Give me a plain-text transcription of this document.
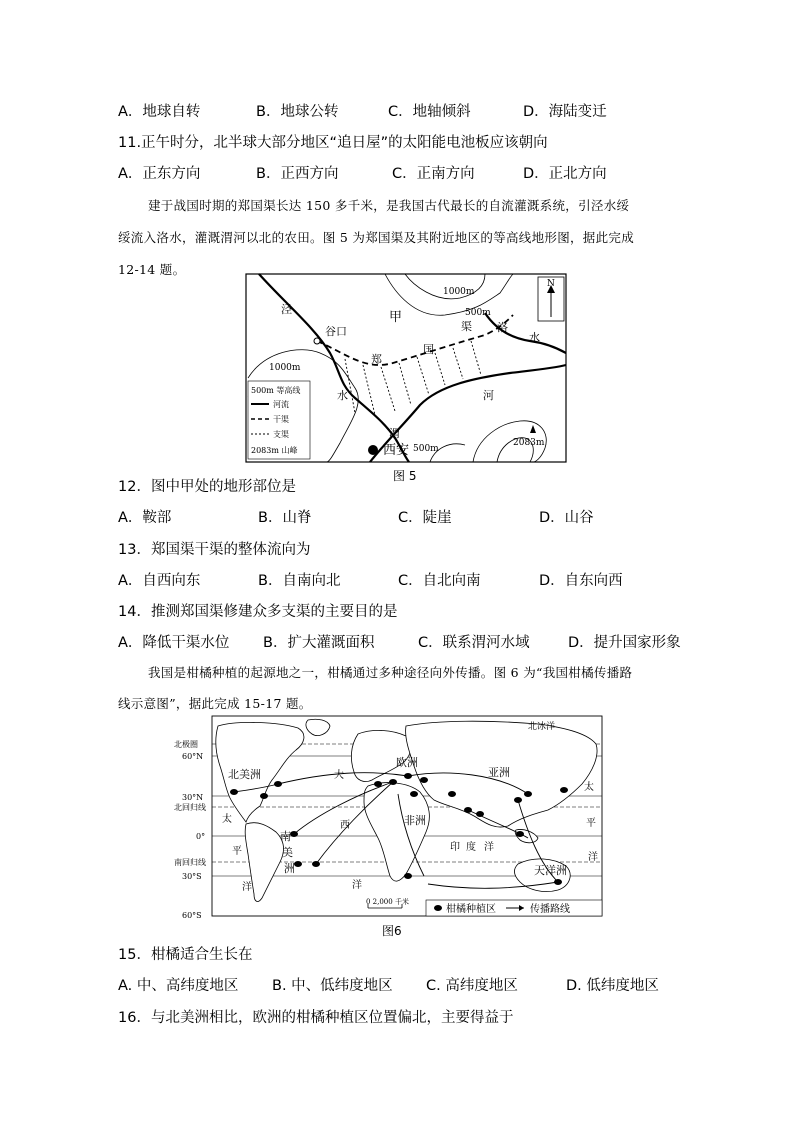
A．地球自转	B．地球公转	C．地轴倾斜	D．海陆变迁
11.正午时分，北半球大部分地区“追日屋”的太阳能电池板应该朝向
A．正东方向	B．正西方向	C．正南方向	D．正北方向
建于战国时期的郑国渠长达 150 多千米，是我国古代最长的自流灌溉系统，引泾水绥
绥流入洛水，灌溉渭河以北的农田。图 5 为郑国渠及其附近地区的等高线地形图，据此完成
12-14 题。
N
泾
谷口
甲
郑
国
渠 洛
水
水	河
渭
西安
1000m
500m
1000m
500m
2083m
500m 等高线
河流
干渠
支渠
2083m 山峰
图 5
12．图中甲处的地形部位是
A．鞍部	B．山脊	C．陡崖	D．山谷
13．郑国渠干渠的整体流向为
A．自西向东	B．自南向北	C．自北向南	D．自东向西
14．推测郑国渠修建众多支渠的主要目的是
A．降低干渠水位 B．扩大灌溉面积	C．联系渭河水域	D．提升国家形象
我国是柑橘种植的起源地之一，柑橘通过多种途径向外传播。图 6 为“我国柑橘传播路
线示意图”，据此完成 15-17 题。
北极圈
60°N
30°N
北回归线
0°
南回归线
30°S
60°S
北冰洋
北美洲
欧洲
亚洲
非洲
南
美
洲	天洋洲
印 度 洋
大
西
洋
太
平
洋
太
平
洋
0 2,000 千米
柑橘种植区	传播路线
图6
15．柑橘适合生长在
A. 中、高纬度地区 B. 中、低纬度地区 C. 高纬度地区	D. 低纬度地区
16．与北美洲相比，欧洲的柑橘种植区位置偏北，主要得益于
